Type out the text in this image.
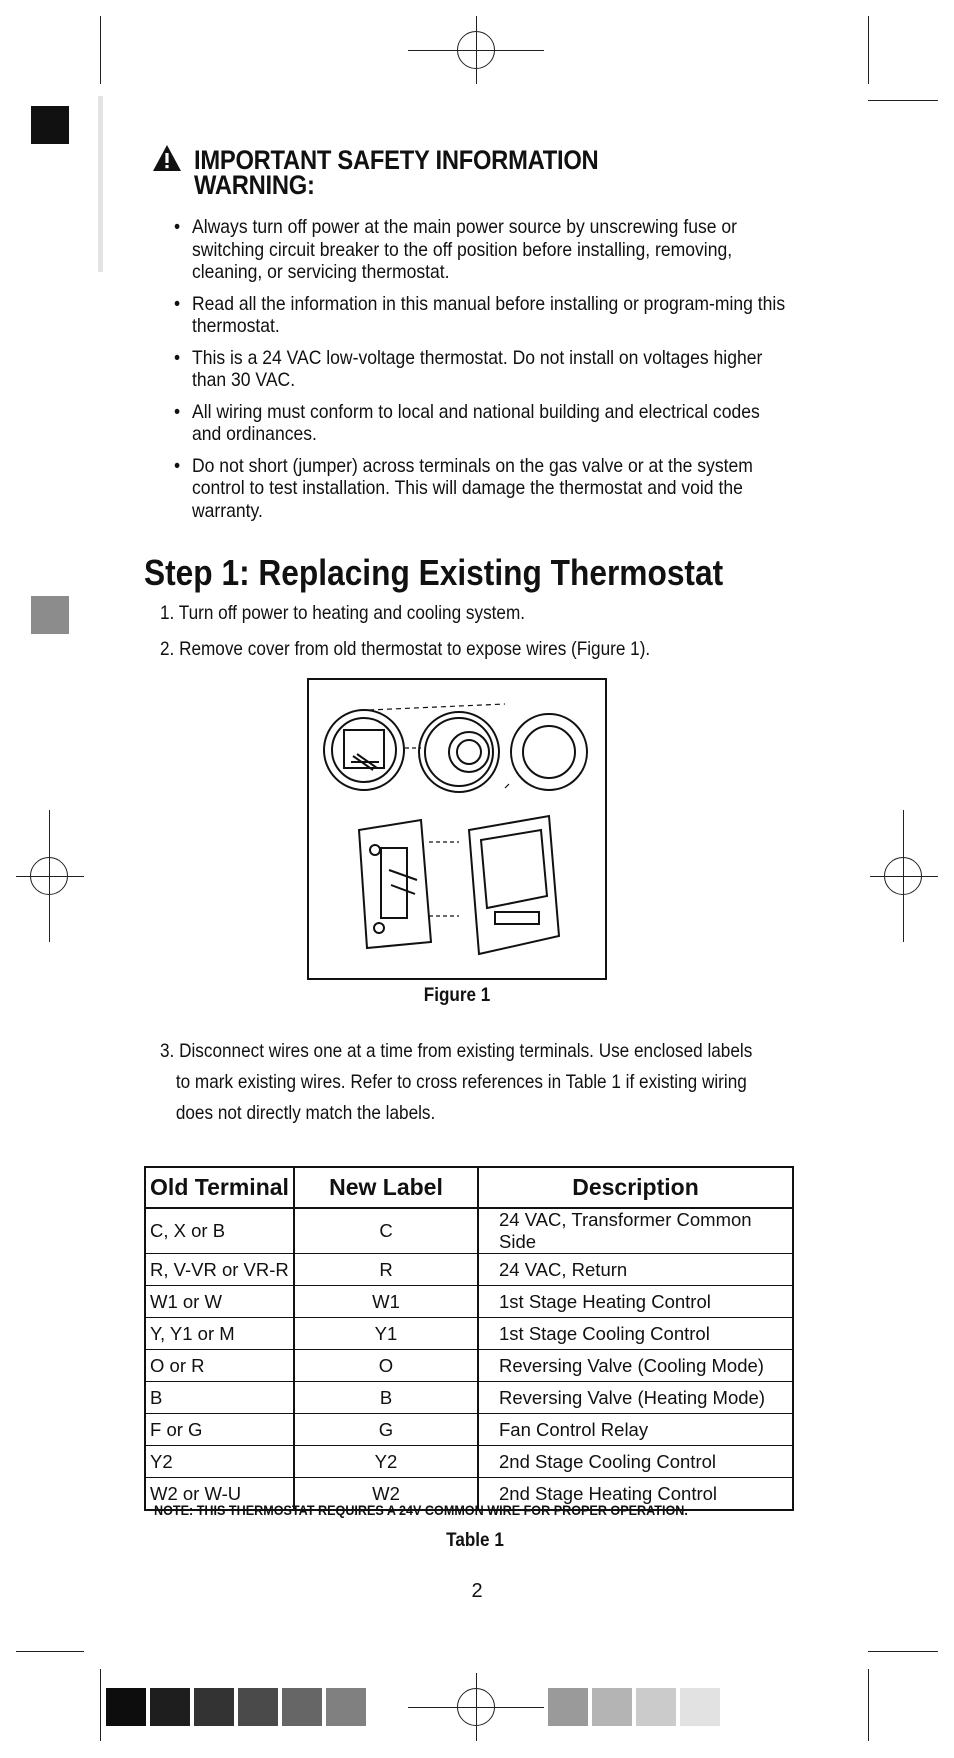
IMPORTANT SAFETY INFORMATION
WARNING:
• Always turn off power at the main power source by unscrewing fuse or switching circuit breaker to the off position before installing, removing, cleaning, or servicing thermostat.
• Read all the information in this manual before installing or program-ming this thermostat.
• This is a 24 VAC low-voltage thermostat. Do not install on voltages higher than 30 VAC.
• All wiring must conform to local and national building and electrical codes and ordinances.
• Do not short (jumper) across terminals on the gas valve or at the system control to test installation. This will damage the thermostat and void the warranty.
Step 1: Replacing Existing Thermostat
1. Turn off power to heating and cooling system.
2. Remove cover from old thermostat to expose wires (Figure 1).
Figure 1
3. Disconnect wires one at a time from existing terminals. Use enclosed labels to mark existing wires. Refer to cross references in Table 1 if existing wiring does not directly match the labels.
Old Terminal	New Label	Description
C, X or B	C	24 VAC, Transformer Common Side
R, V-VR or VR-R	R	24 VAC, Return
W1 or W	W1	1st Stage Heating Control
Y, Y1 or M	Y1	1st Stage Cooling Control
O or R	O	Reversing Valve (Cooling Mode)
B	B	Reversing Valve (Heating Mode)
F or G	G	Fan Control Relay
Y2	Y2	2nd Stage Cooling Control
W2 or W-U	W2	2nd Stage Heating Control
NOTE: THIS THERMOSTAT REQUIRES A 24V COMMON WIRE FOR PROPER OPERATION.
Table 1
2
